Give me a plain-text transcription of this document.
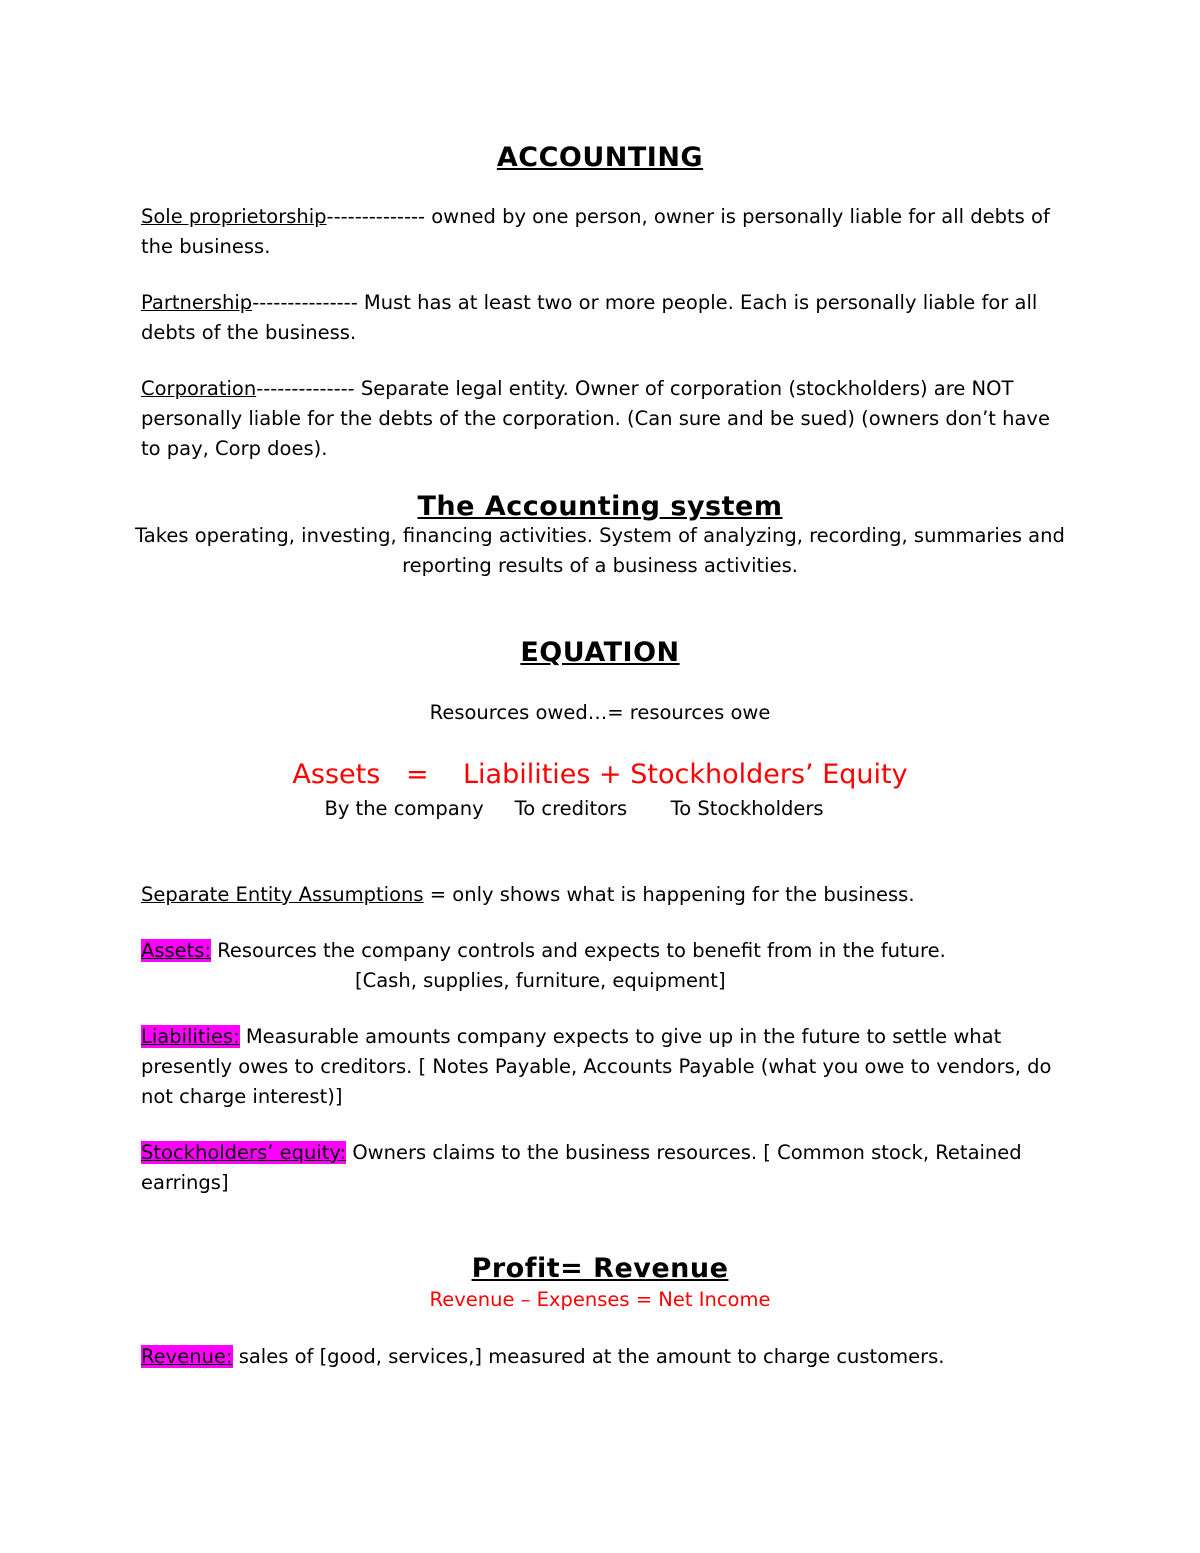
ACCOUNTING
Sole proprietorship-------------- owned by one person, owner is personally liable for all debts of the business.
Partnership--------------- Must has at least two or more people. Each is personally liable for all debts of the business.
Corporation-------------- Separate legal entity. Owner of corporation (stockholders) are NOT personally liable for the debts of the corporation. (Can sure and be sued) (owners don’t have to pay, Corp does).
The Accounting system
Takes operating, investing, financing activities. System of analyzing, recording, summaries and
reporting results of a business activities.
EQUATION
Resources owed…= resources owe
Assets   =    Liabilities + Stockholders’ Equity
By the company     To creditors       To Stockholders
Separate Entity Assumptions = only shows what is happening for the business.
Assets: Resources the company controls and expects to benefit from in the future.
[Cash, supplies, furniture, equipment]
Liabilities: Measurable amounts company expects to give up in the future to settle what presently owes to creditors. [ Notes Payable, Accounts Payable (what you owe to vendors, do not charge interest)]
Stockholders’ equity: Owners claims to the business resources. [ Common stock, Retained earrings]
Profit= Revenue
Revenue – Expenses = Net Income
Revenue: sales of [good, services,] measured at the amount to charge customers.
